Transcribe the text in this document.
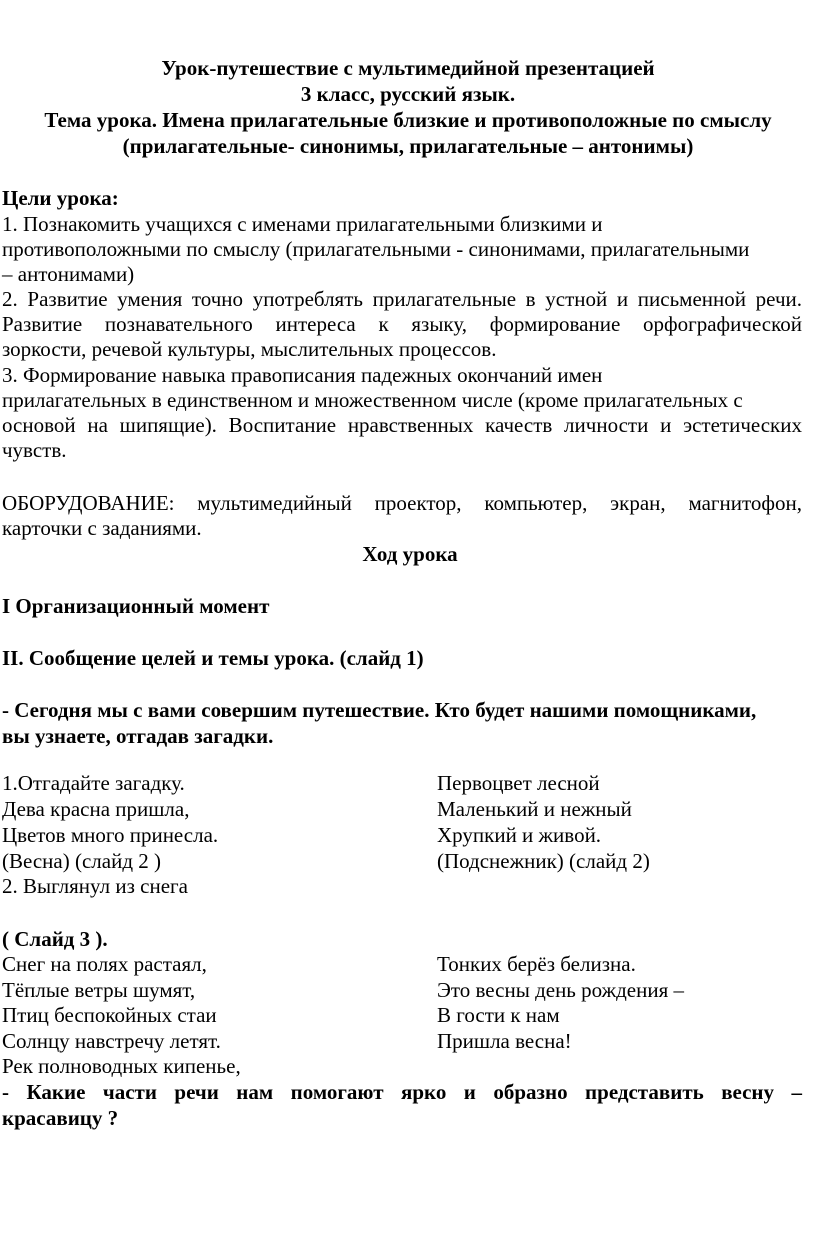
Урок-путешествие с мультимедийной презентацией
3 класс, русский язык.
Тема урока. Имена прилагательные близкие и противоположные по смыслу
(прилагательные- синонимы, прилагательные – антонимы)
Цели урока:
1. Познакомить учащихся с именами прилагательными близкими и
противоположными по смыслу (прилагательными - синонимами, прилагательными
– антонимами)
2. Развитие умения точно употреблять прилагательные в устной и письменной речи.
Развитие познавательного интереса к языку, формирование орфографической
зоркости, речевой культуры, мыслительных процессов.
3. Формирование навыка правописания падежных окончаний имен
прилагательных в единственном и множественном числе (кроме прилагательных с
основой на шипящие). Воспитание нравственных качеств личности и эстетических
чувств.
ОБОРУДОВАНИЕ: мультимедийный проектор, компьютер, экран, магнитофон,
карточки с заданиями.
Ход урока
I Организационный момент
II. Сообщение целей и темы урока. (слайд 1)
- Сегодня мы с вами совершим путешествие. Кто будет нашими помощниками,
вы узнаете, отгадав загадки.
1.Отгадайте загадку.
Дева красна пришла,
Цветов много принесла.
(Весна) (слайд 2 )
2. Выглянул из снега
Первоцвет лесной
Маленький и нежный
Хрупкий и живой.
(Подснежник) (слайд 2)
( Слайд 3 ).
Снег на полях растаял,
Тёплые ветры шумят,
Птиц беспокойных стаи
Солнцу навстречу летят.
Рек полноводных кипенье,
Тонких берёз белизна.
Это весны день рождения –
В гости к нам
Пришла весна!
- Какие части речи нам помогают ярко и образно представить весну –
красавицу ?
